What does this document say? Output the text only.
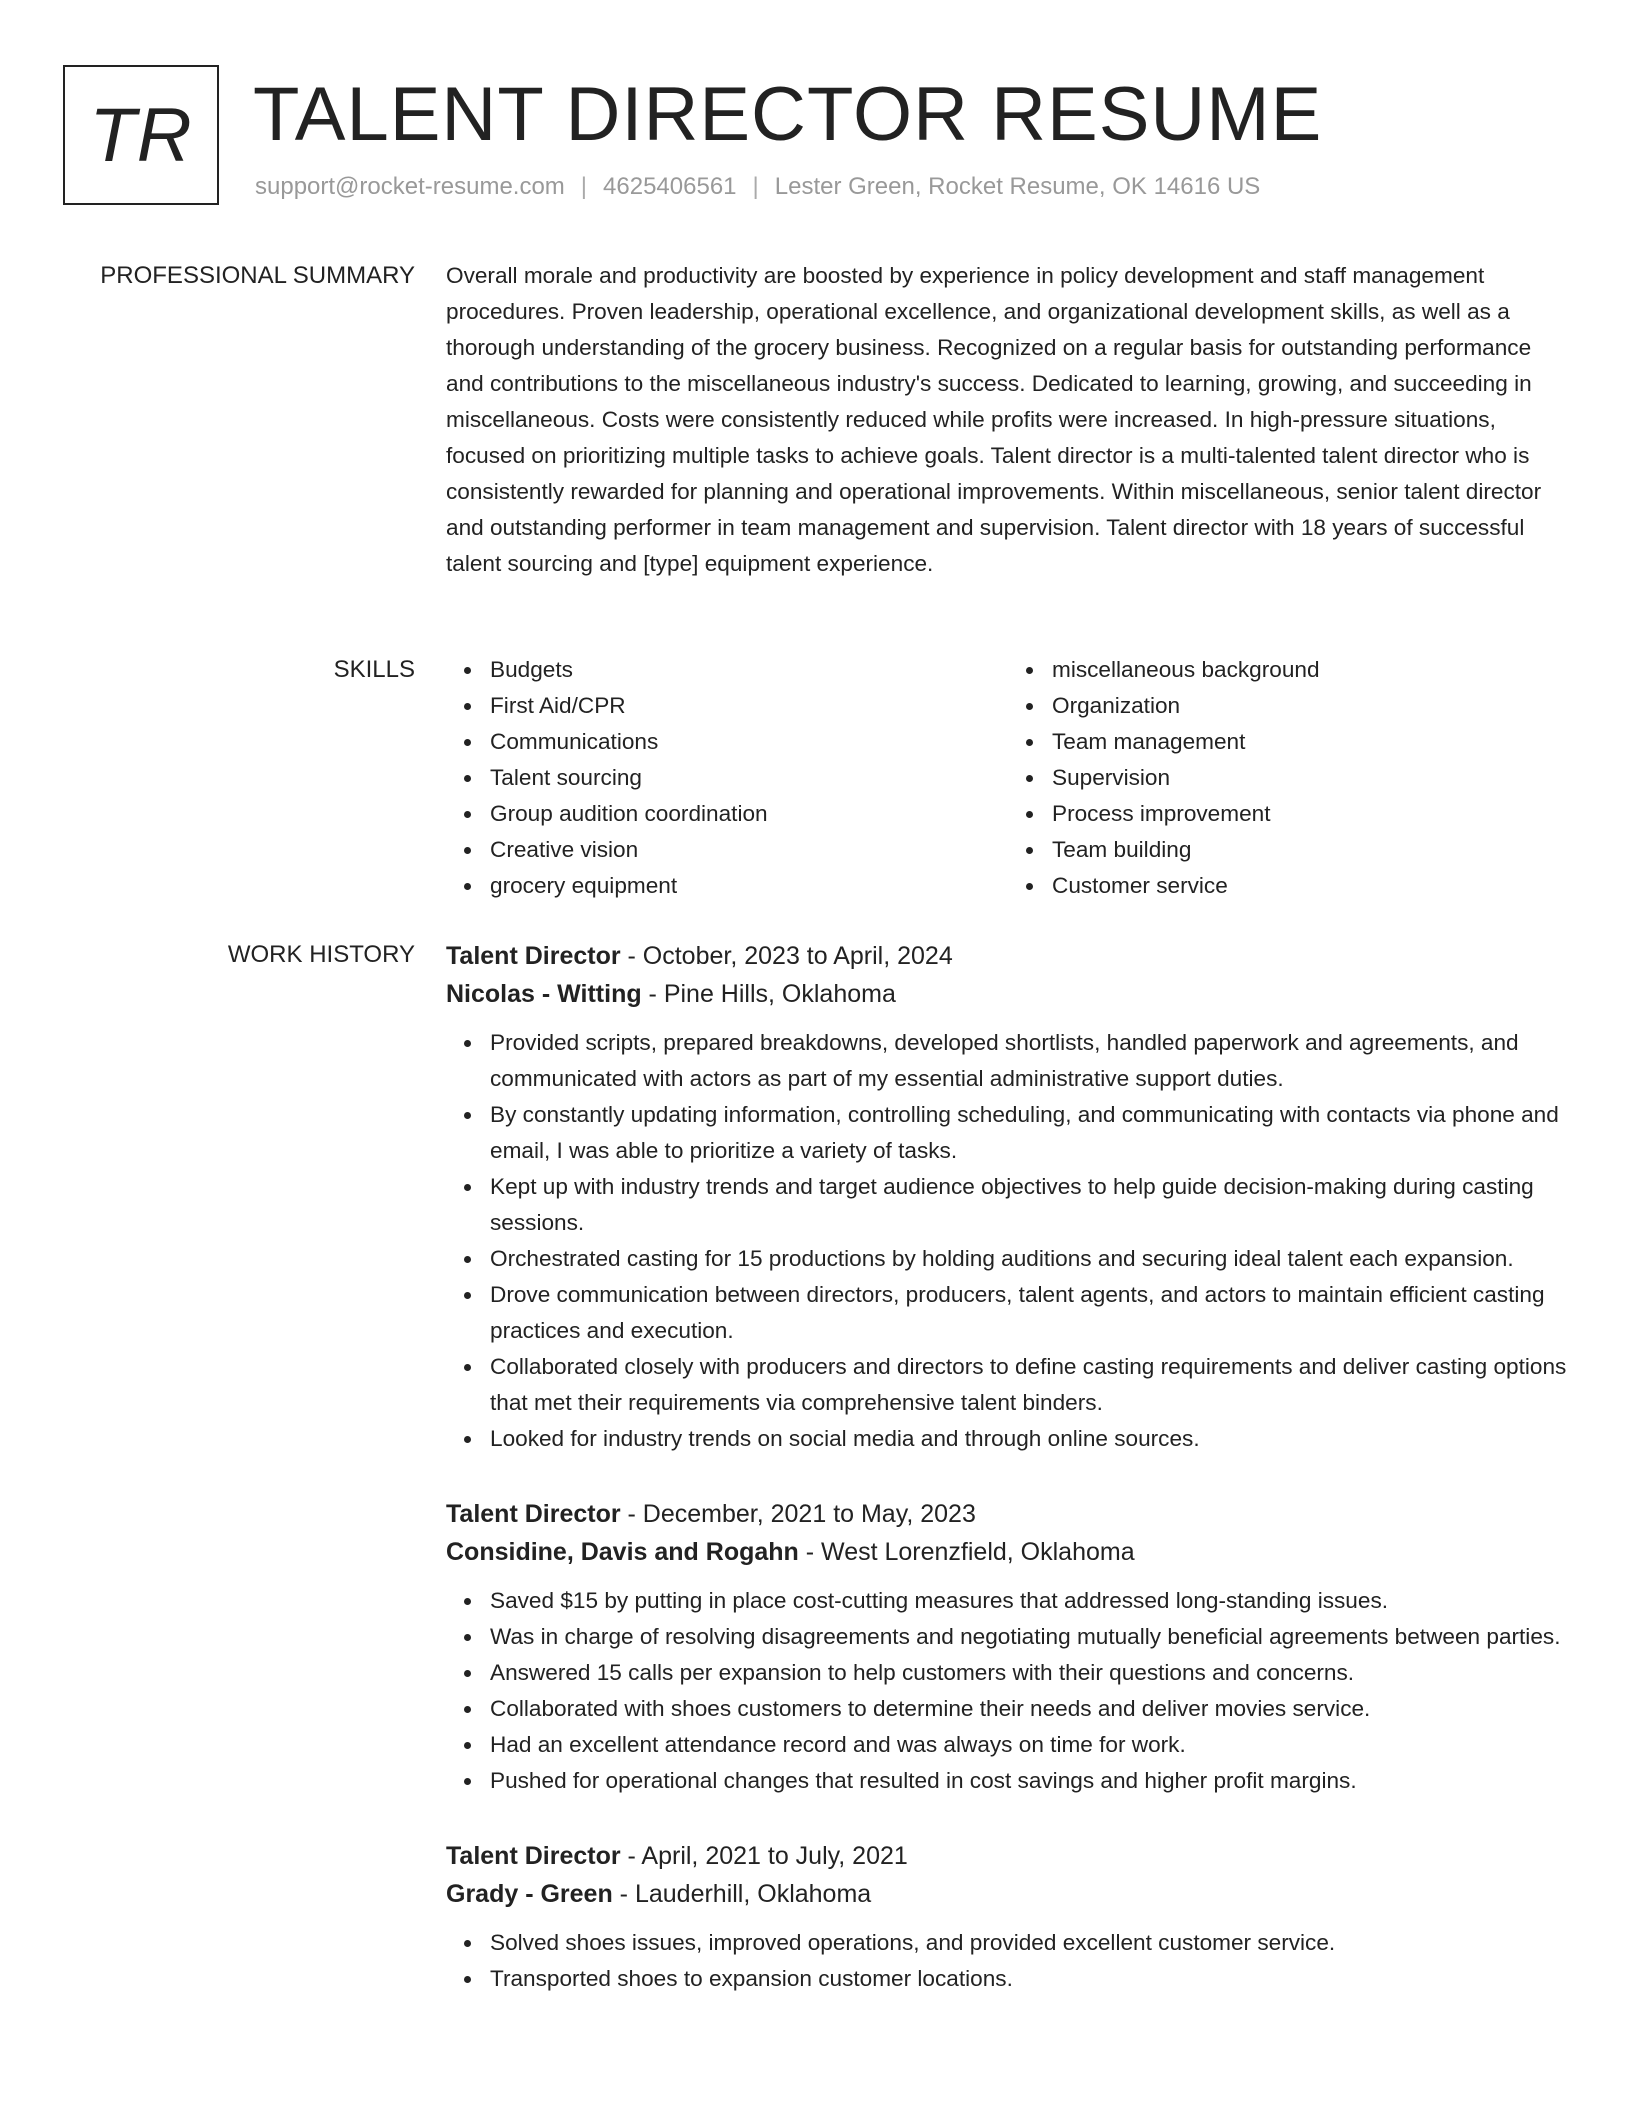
TR TALENT DIRECTOR RESUME
support@rocket-resume.com | 4625406561 | Lester Green, Rocket Resume, OK 14616 US
PROFESSIONAL SUMMARY Overall morale and productivity are boosted by experience in policy development and staff management procedures. Proven leadership, operational excellence, and organizational development skills, as well as a thorough understanding of the grocery business. Recognized on a regular basis for outstanding performance and contributions to the miscellaneous industry's success. Dedicated to learning, growing, and succeeding in miscellaneous. Costs were consistently reduced while profits were increased. In high-pressure situations, focused on prioritizing multiple tasks to achieve goals. Talent director is a multi-talented talent director who is consistently rewarded for planning and operational improvements. Within miscellaneous, senior talent director and outstanding performer in team management and supervision. Talent director with 18 years of successful talent sourcing and [type] equipment experience.

SKILLS	Budgets
First Aid/CPR
Communications
Talent sourcing
Group audition coordination
Creative vision
grocery equipment
miscellaneous background
Organization
Team management
Supervision
Process improvement
Team building
Customer service
WORK HISTORY Talent Director - October, 2023 to April, 2024
Nicolas - Witting - Pine Hills, Oklahoma
Provided scripts, prepared breakdowns, developed shortlists, handled paperwork and agreements, and communicated with actors as part of my essential administrative support duties.
By constantly updating information, controlling scheduling, and communicating with contacts via phone and email, I was able to prioritize a variety of tasks.
Kept up with industry trends and target audience objectives to help guide decision-making during casting sessions.
Orchestrated casting for 15 productions by holding auditions and securing ideal talent each expansion.
Drove communication between directors, producers, talent agents, and actors to maintain efficient casting practices and execution.
Collaborated closely with producers and directors to define casting requirements and deliver casting options that met their requirements via comprehensive talent binders.
Looked for industry trends on social media and through online sources.
Talent Director - December, 2021 to May, 2023
Considine, Davis and Rogahn - West Lorenzfield, Oklahoma
Saved $15 by putting in place cost-cutting measures that addressed long-standing issues.
Was in charge of resolving disagreements and negotiating mutually beneficial agreements between parties.
Answered 15 calls per expansion to help customers with their questions and concerns.
Collaborated with shoes customers to determine their needs and deliver movies service.
Had an excellent attendance record and was always on time for work.
Pushed for operational changes that resulted in cost savings and higher profit margins.
Talent Director - April, 2021 to July, 2021
Grady - Green - Lauderhill, Oklahoma
Solved shoes issues, improved operations, and provided excellent customer service.
Transported shoes to expansion customer locations.
